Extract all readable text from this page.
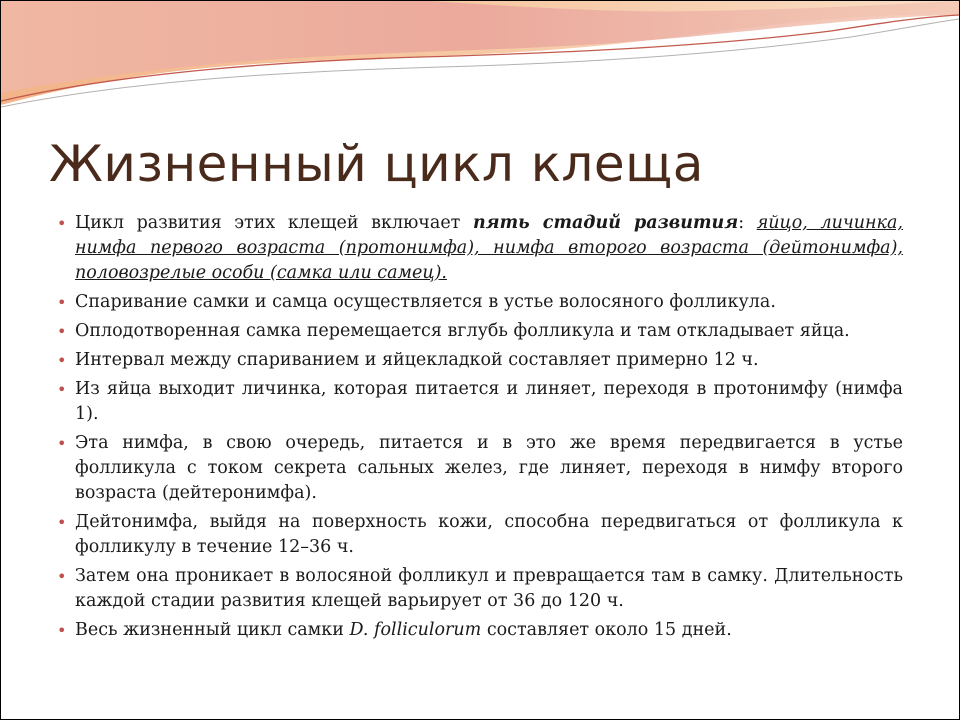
Жизненный цикл клеща
• Цикл развития этих клещей включает пять стадий развития: яйцо, личинка, нимфа первого возраста (протонимфа), нимфа второго возраста (дейтонимфа), половозрелые особи (самка или самец).
• Спаривание самки и самца осуществляется в устье волосяного фолликула.
• Оплодотворенная самка перемещается вглубь фолликула и там откладывает яйца.
• Интервал между спариванием и яйцекладкой составляет примерно 12 ч.
• Из яйца выходит личинка, которая питается и линяет, переходя в протонимфу (нимфа 1).
• Эта нимфа, в свою очередь, питается и в это же время передвигается в устье фолликула с током секрета сальных желез, где линяет, переходя в нимфу второго возраста (дейтеронимфа).
• Дейтонимфа, выйдя на поверхность кожи, способна передвигаться от фолликула к фолликулу в течение 12–36 ч.
• Затем она проникает в волосяной фолликул и превращается там в самку. Длительность каждой стадии развития клещей варьирует от 36 до 120 ч.
• Весь жизненный цикл самки D. folliculorum составляет около 15 дней.
